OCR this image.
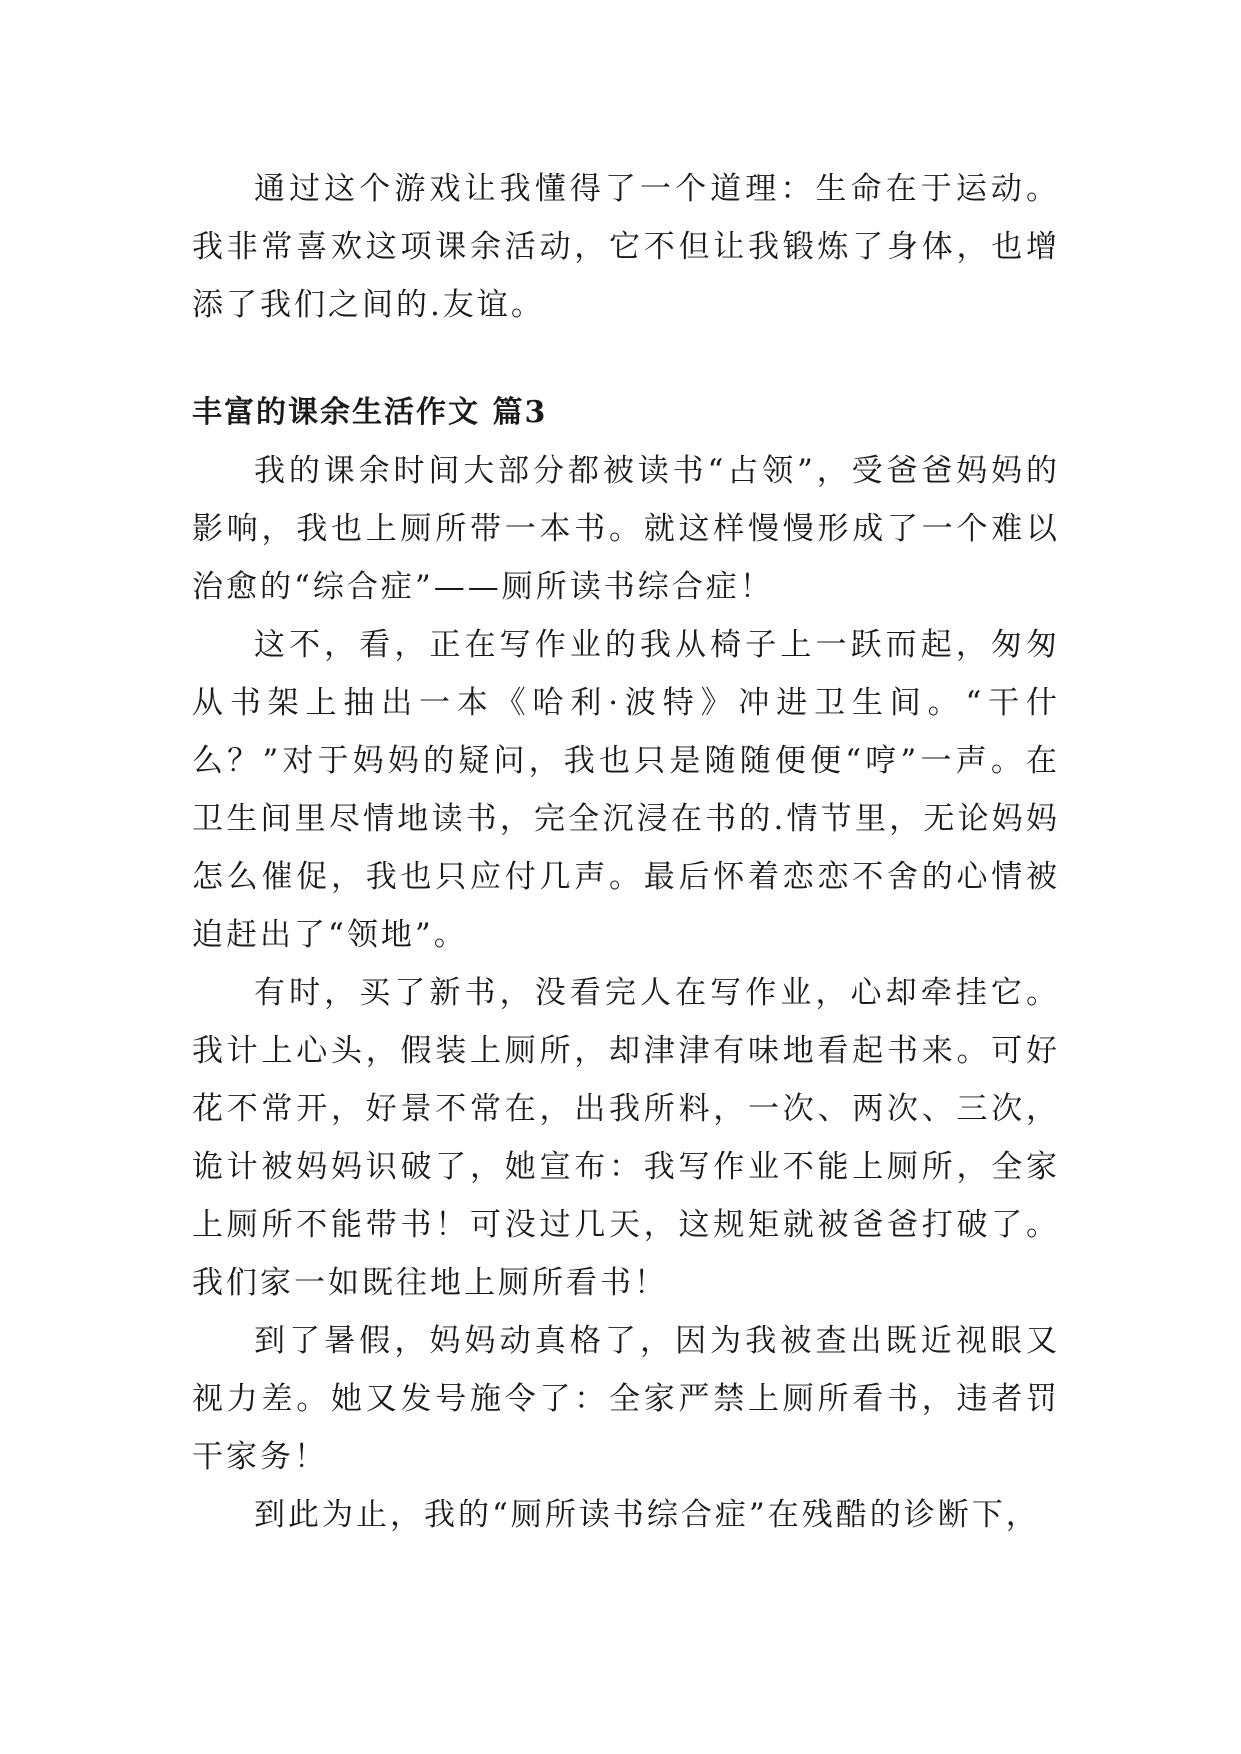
通过这个游戏让我懂得了一个道理：生命在于运动。我非常喜欢这项课余活动，它不但让我锻炼了身体，也增添了我们之间的.友谊。

丰富的课余生活作文 篇3

我的课余时间大部分都被读书“占领”，受爸爸妈妈的影响，我也上厕所带一本书。就这样慢慢形成了一个难以治愈的“综合症”——厕所读书综合症！

这不，看，正在写作业的我从椅子上一跃而起，匆匆从书架上抽出一本《哈利·波特》冲进卫生间。“干什么？”对于妈妈的疑问，我也只是随随便便“哼”一声。在卫生间里尽情地读书，完全沉浸在书的.情节里，无论妈妈怎么催促，我也只应付几声。最后怀着恋恋不舍的心情被迫赶出了“领地”。

有时，买了新书，没看完人在写作业，心却牵挂它。我计上心头，假装上厕所，却津津有味地看起书来。可好花不常开，好景不常在，出我所料，一次、两次、三次，诡计被妈妈识破了，她宣布：我写作业不能上厕所，全家上厕所不能带书！可没过几天，这规矩就被爸爸打破了。我们家一如既往地上厕所看书！

到了暑假，妈妈动真格了，因为我被查出既近视眼又视力差。她又发号施令了：全家严禁上厕所看书，违者罚干家务！

到此为止，我的“厕所读书综合症”在残酷的诊断下，
